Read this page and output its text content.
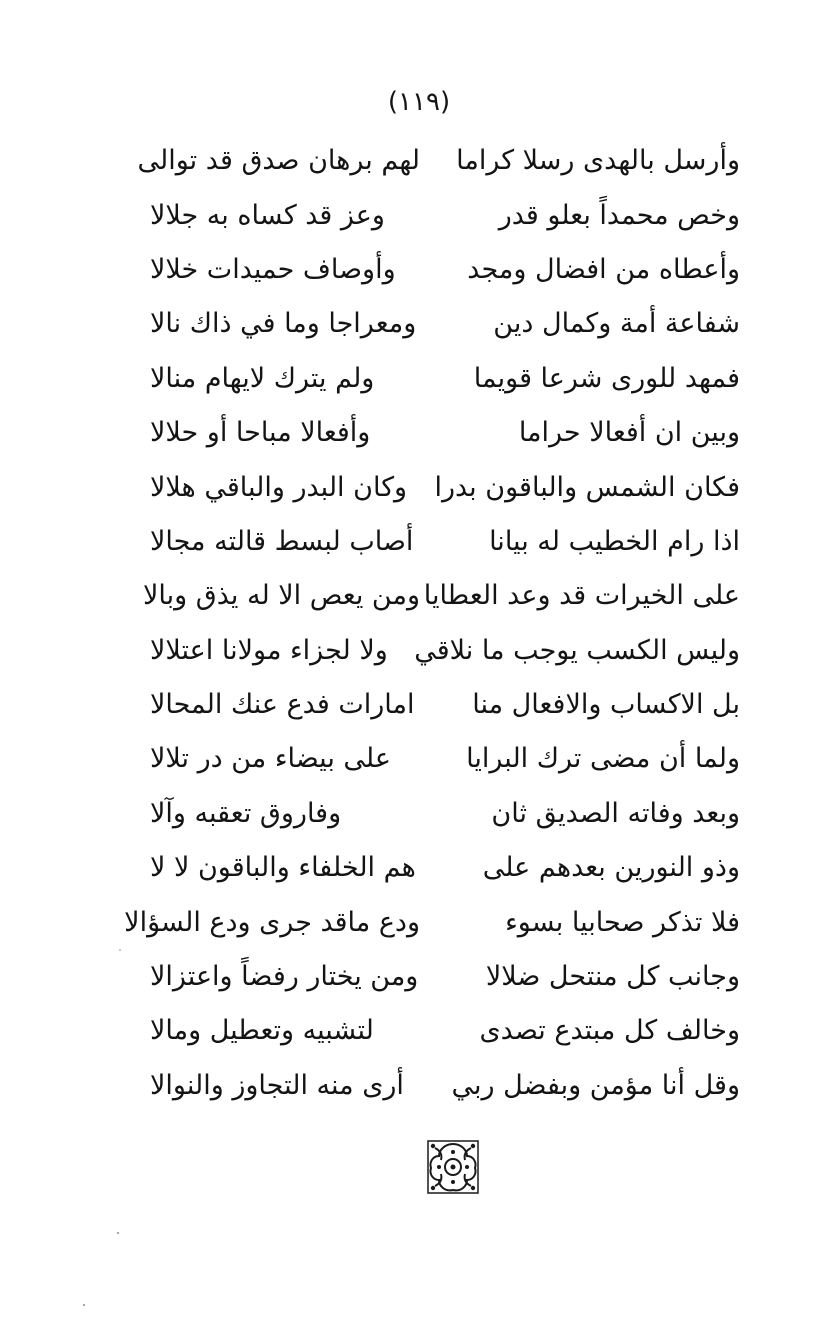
(١١٩)
وأرسل بالهدى رسلا كراما
لهم برهان صدق قد توالى
وخص محمداً بعلو قدر
وعز قد كساه به جلالا
وأعطاه من افضال ومجد
وأوصاف حميدات خلالا
شفاعة أمة وكمال دين
ومعراجا وما في ذاك نالا
فمهد للورى شرعا قويما
ولم يترك لايهام منالا
وبين ان أفعالا حراما
وأفعالا مباحا أو حلالا
فكان الشمس والباقون بدرا
وكان البدر والباقي هلالا
اذا رام الخطيب له بيانا
أصاب لبسط قالته مجالا
على الخيرات قد وعد العطايا
ومن يعص الا له يذق وبالا
وليس الكسب يوجب ما نلاقي
ولا لجزاء مولانا اعتلالا
بل الاكساب والافعال منا
امارات فدع عنك المحالا
ولما أن مضى ترك البرايا
على بيضاء من در تلالا
وبعد وفاته الصديق ثان
وفاروق تعقبه وآلا
وذو النورين بعدهم على
هم الخلفاء والباقون لا لا
فلا تذكر صحابيا بسوء
ودع ماقد جرى ودع السؤالا
وجانب كل منتحل ضلالا
ومن يختار رفضاً واعتزالا
وخالف كل مبتدع تصدى
لتشبيه وتعطيل ومالا
وقل أنا مؤمن وبفضل ربي
أرى منه التجاوز والنوالا
